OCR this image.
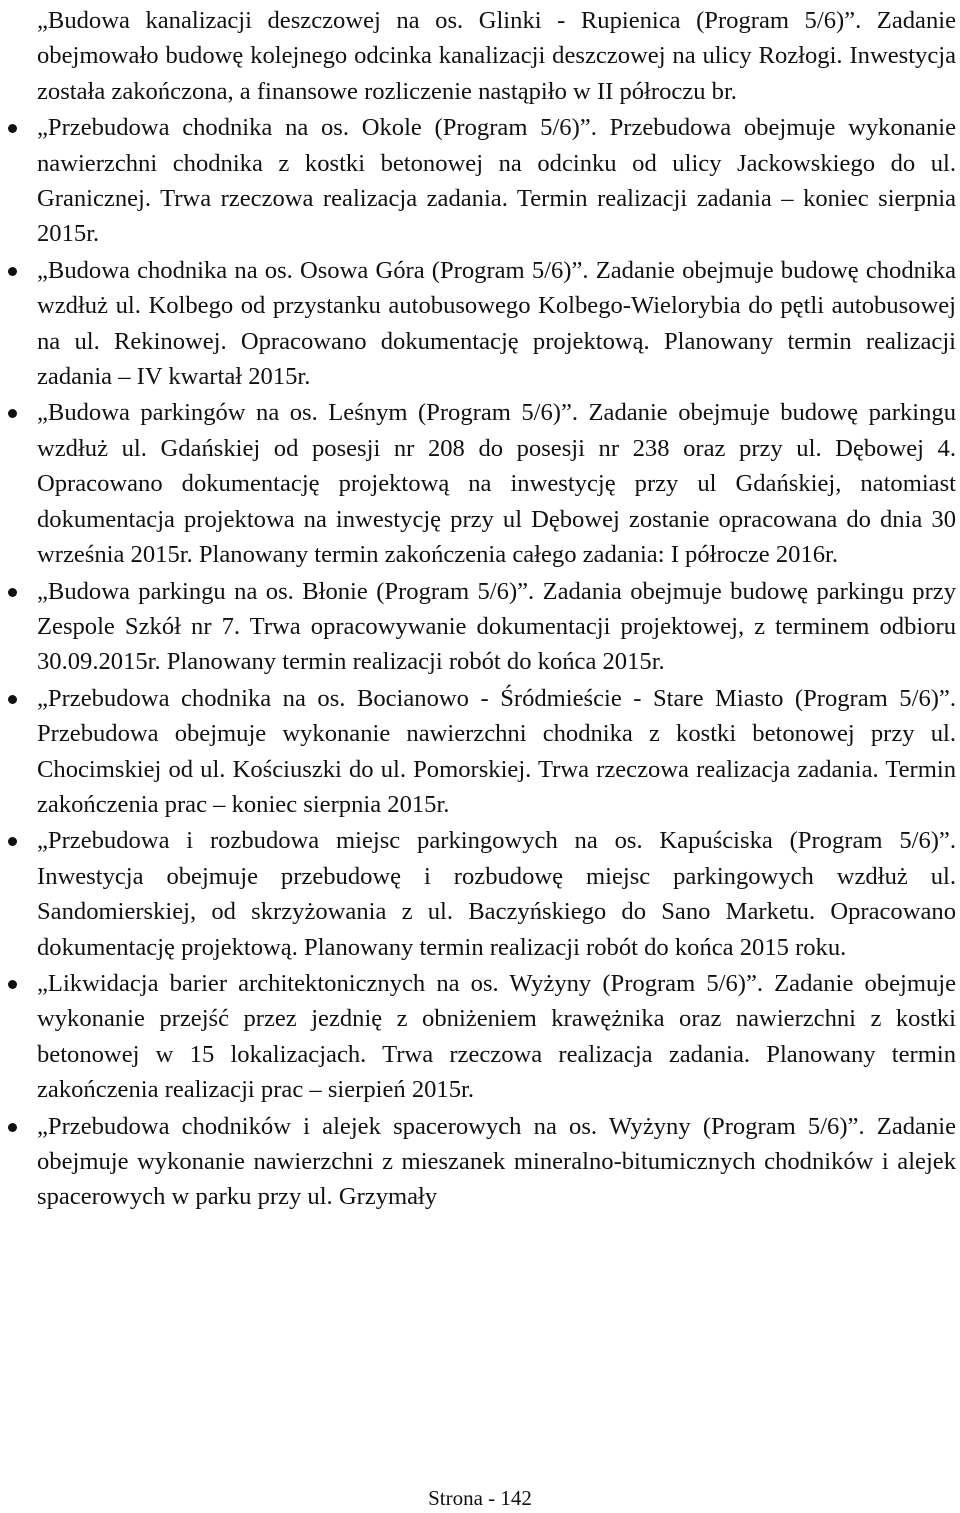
„Budowa kanalizacji deszczowej na os. Glinki - Rupienica (Program 5/6)”. Zadanie obejmowało budowę kolejnego odcinka kanalizacji deszczowej na ulicy Rozłogi. Inwestycja została zakończona, a finansowe rozliczenie nastąpiło w II półroczu br.
„Przebudowa chodnika na os. Okole (Program 5/6)”. Przebudowa obejmuje wykonanie nawierzchni chodnika z kostki betonowej na odcinku od ulicy Jackowskiego do ul. Granicznej. Trwa rzeczowa realizacja zadania. Termin realizacji zadania – koniec sierpnia 2015r.
„Budowa chodnika na os. Osowa Góra (Program 5/6)”. Zadanie obejmuje budowę chodnika wzdłuż ul. Kolbego od przystanku autobusowego Kolbego-Wielorybia do pętli autobusowej na ul. Rekinowej. Opracowano dokumentację projektową. Planowany termin realizacji zadania – IV kwartał 2015r.
„Budowa parkingów na os. Leśnym (Program 5/6)”. Zadanie obejmuje budowę parkingu wzdłuż ul. Gdańskiej od posesji nr 208 do posesji nr 238 oraz przy ul. Dębowej 4. Opracowano dokumentację projektową na inwestycję przy ul Gdańskiej, natomiast dokumentacja projektowa na inwestycję przy ul Dębowej zostanie opracowana do dnia 30 września 2015r. Planowany termin zakończenia całego zadania: I półrocze 2016r.
„Budowa parkingu na os. Błonie (Program 5/6)”. Zadania obejmuje budowę parkingu przy Zespole Szkół nr 7. Trwa opracowywanie dokumentacji projektowej, z terminem odbioru 30.09.2015r. Planowany termin realizacji robót do końca 2015r.
„Przebudowa chodnika na os. Bocianowo - Śródmieście - Stare Miasto (Program 5/6)”. Przebudowa obejmuje wykonanie nawierzchni chodnika z kostki betonowej przy ul. Chocimskiej od ul. Kościuszki do ul. Pomorskiej. Trwa rzeczowa realizacja zadania. Termin zakończenia prac – koniec sierpnia 2015r.
„Przebudowa i rozbudowa miejsc parkingowych na os. Kapuściska (Program 5/6)”. Inwestycja obejmuje przebudowę i rozbudowę miejsc parkingowych wzdłuż ul. Sandomierskiej, od skrzyżowania z ul. Baczyńskiego do Sano Marketu. Opracowano dokumentację projektową. Planowany termin realizacji robót do końca 2015 roku.
„Likwidacja barier architektonicznych na os. Wyżyny (Program 5/6)”. Zadanie obejmuje wykonanie przejść przez jezdnię z obniżeniem krawężnika oraz nawierzchni z kostki betonowej w 15 lokalizacjach. Trwa rzeczowa realizacja zadania. Planowany termin zakończenia realizacji prac – sierpień 2015r.
„Przebudowa chodników i alejek spacerowych na os. Wyżyny (Program 5/6)”. Zadanie obejmuje wykonanie nawierzchni z mieszanek mineralno-bitumicznych chodników i alejek spacerowych w parku przy ul. Grzymały
Strona - 142
